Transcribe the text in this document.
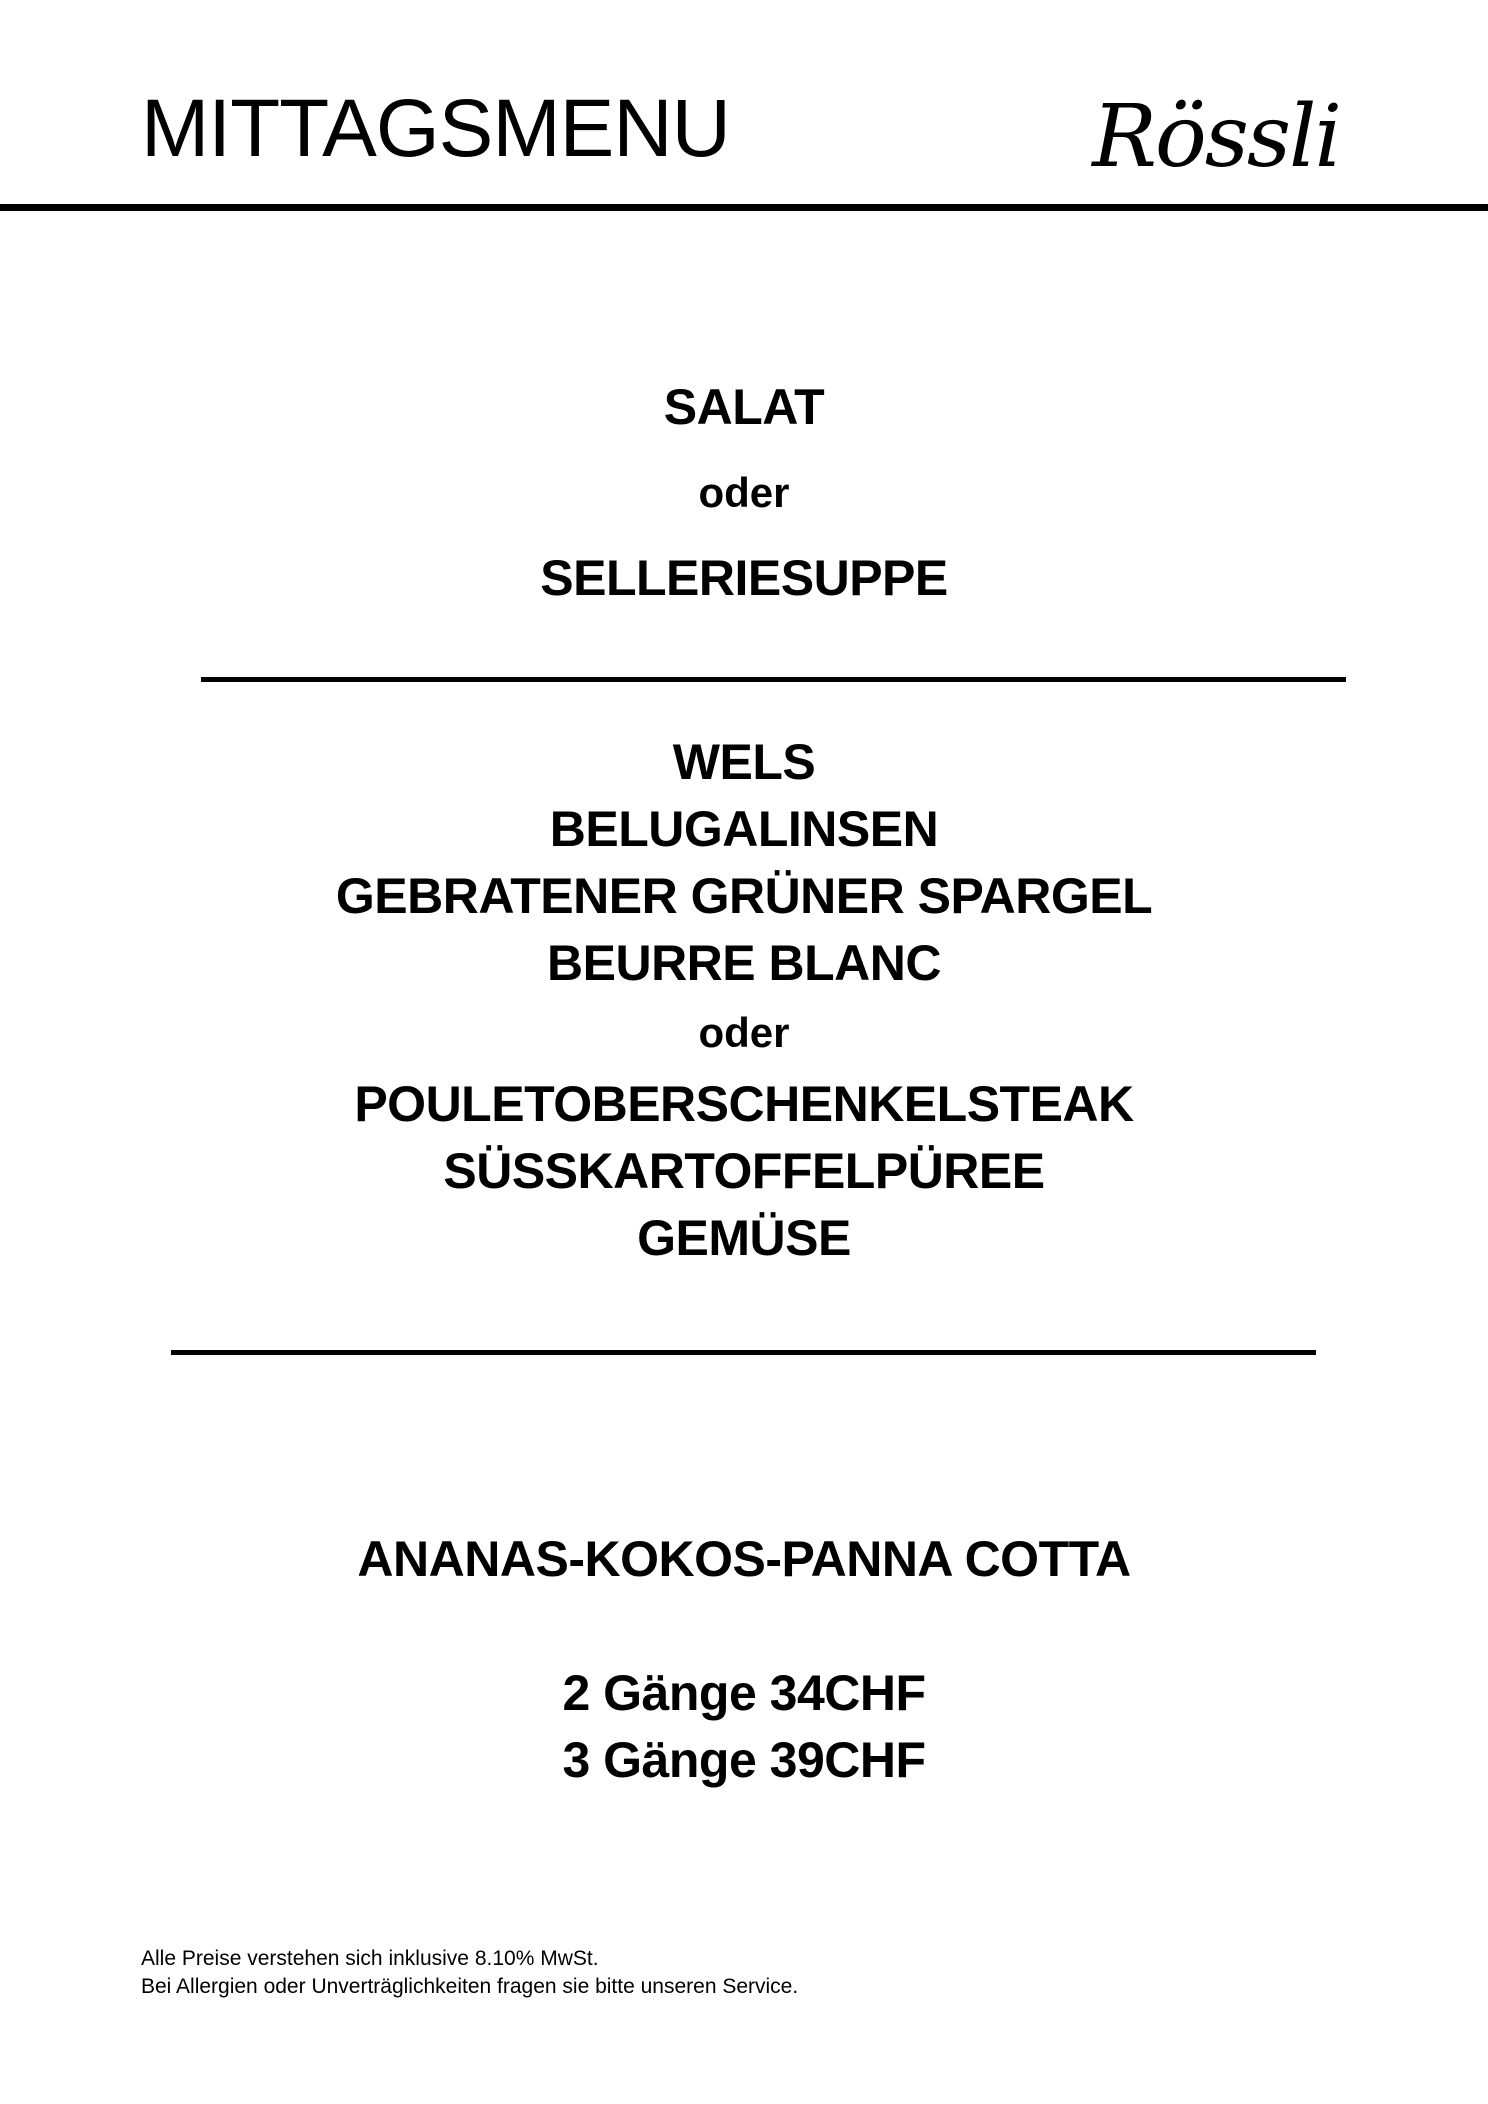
MITTAGSMENU	Rössli
SALAT
oder
SELLERIESUPPE
WELS
BELUGALINSEN
GEBRATENER GRÜNER SPARGEL
BEURRE BLANC
oder
POULETOBERSCHENKELSTEAK
SÜSSKARTOFFELPÜREE
GEMÜSE
ANANAS-KOKOS-PANNA COTTA
2 Gänge 34CHF
3 Gänge 39CHF
Alle Preise verstehen sich inklusive 8.10% MwSt.
Bei Allergien oder Unverträglichkeiten fragen sie bitte unseren Service.
